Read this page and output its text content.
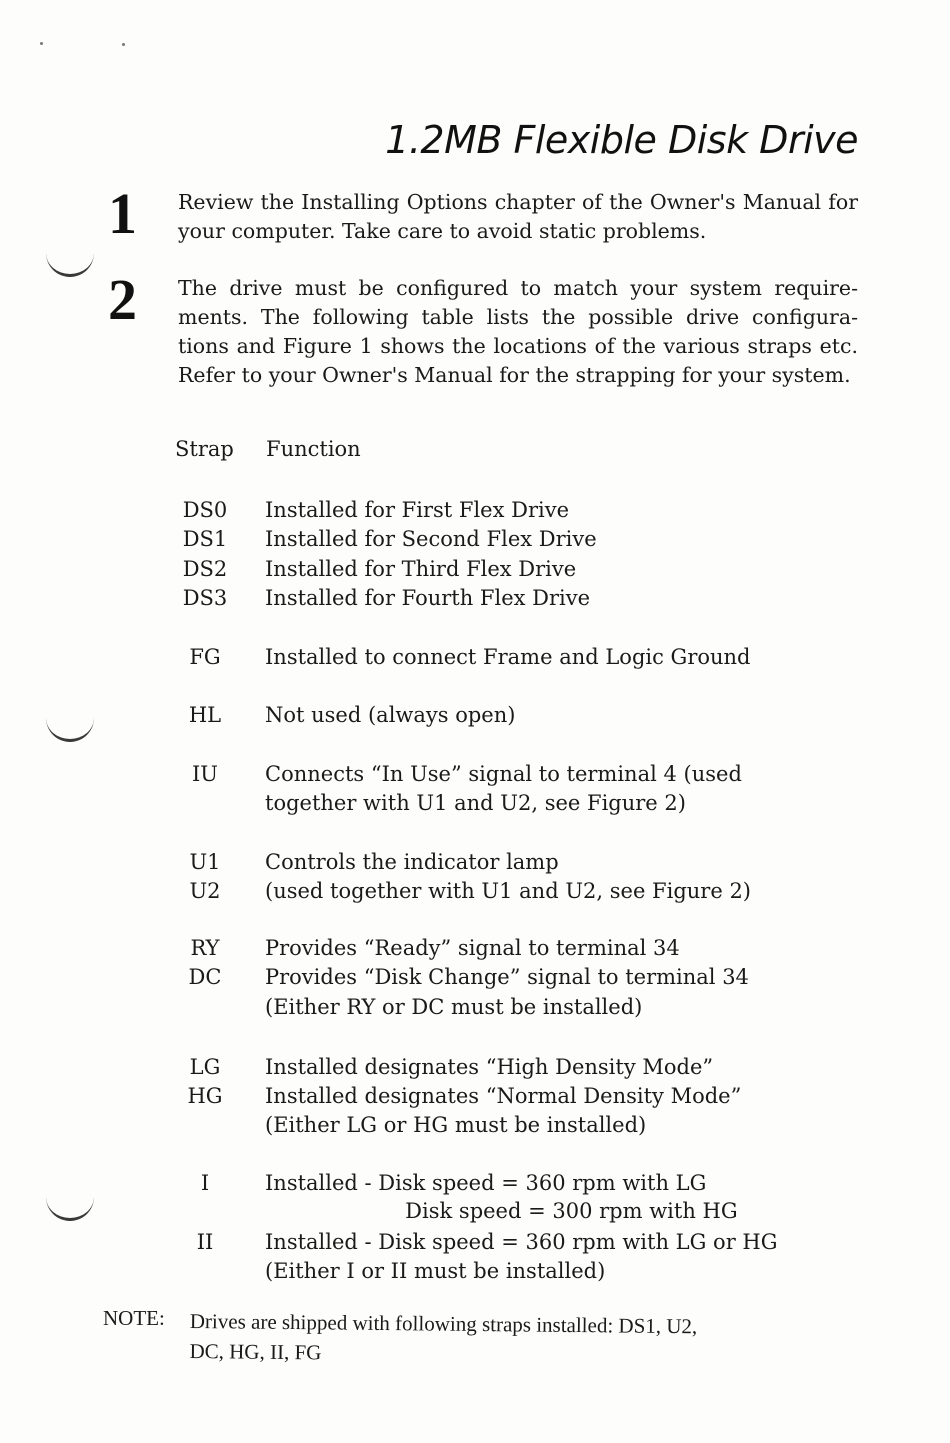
1.2MB Flexible Disk Drive
1 Review the Installing Options chapter of the Owner's Manual for your computer. Take care to avoid static problems.
2 The drive must be configured to match your system require-ments. The following table lists the possible drive configura-tions and Figure 1 shows the locations of the various straps etc. Refer to your Owner's Manual for the strapping for your system.
Strap Function
DS0	Installed for First Flex Drive
DS1	Installed for Second Flex Drive
DS2	Installed for Third Flex Drive
DS3	Installed for Fourth Flex Drive
FG	Installed to connect Frame and Logic Ground
HL	Not used (always open)
IU	Connects “In Use” signal to terminal 4 (used
together with U1 and U2, see Figure 2)
U1	Controls the indicator lamp
U2	(used together with U1 and U2, see Figure 2)
RY	Provides “Ready” signal to terminal 34
DC	Provides “Disk Change” signal to terminal 34
(Either RY or DC must be installed)
LG	Installed designates “High Density Mode”
HG	Installed designates “Normal Density Mode”
(Either LG or HG must be installed)
I	Installed - Disk speed = 360 rpm with LG
Disk speed = 300 rpm with HG
II	Installed - Disk speed = 360 rpm with LG or HG
(Either I or II must be installed)
NOTE: Drives are shipped with following straps installed: DS1, U2,
DC, HG, II, FG
